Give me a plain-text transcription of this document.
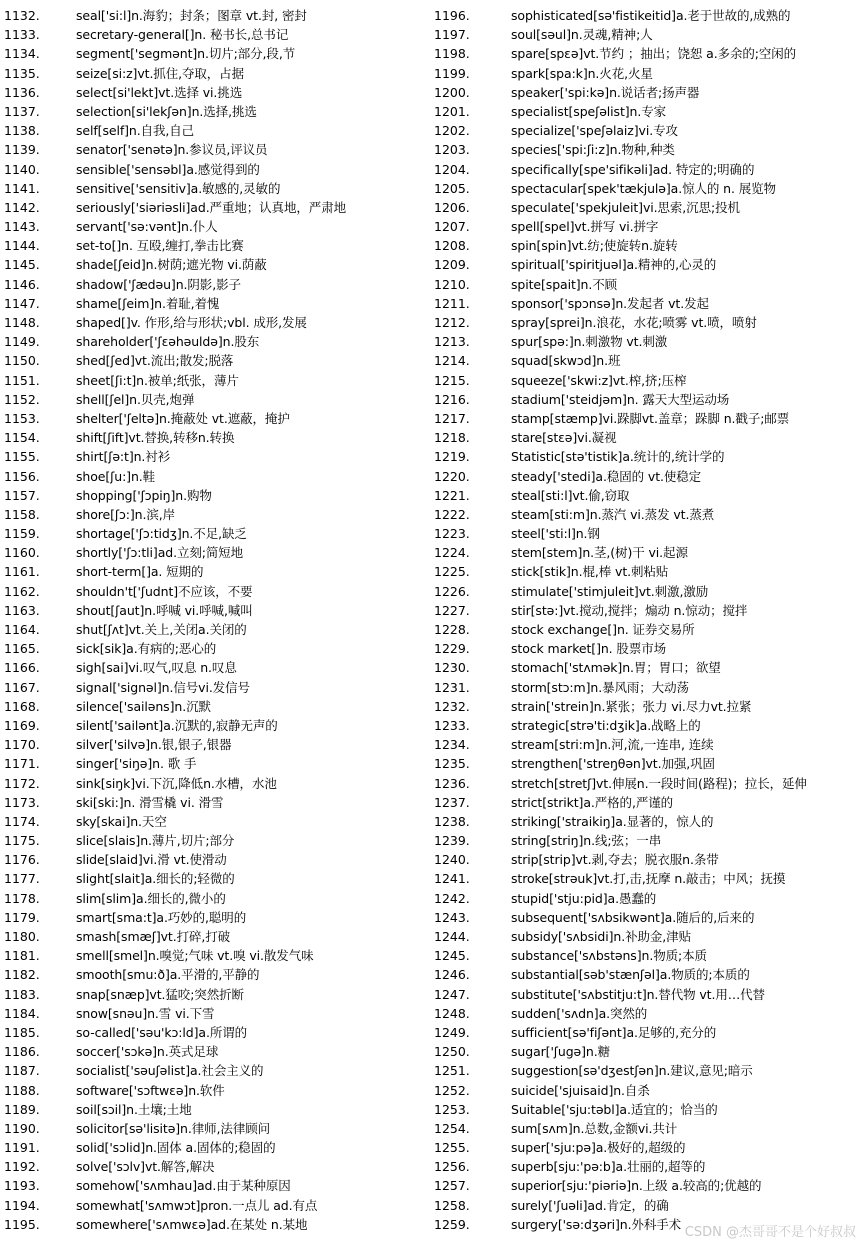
1132.	seal['si:l]n.海豹；封条；图章 vt.封, 密封
1133.	secretary-general[]n. 秘书长,总书记
1134.	segment['segmənt]n.切片;部分,段,节
1135.	seize[si:z]vt.抓住,夺取，占据
1136.	select[si'lekt]vt.选择 vi.挑选
1137.	selection[si'lekʃən]n.选择,挑选
1138.	self[self]n.自我,自己
1139.	senator['senətə]n.参议员,评议员
1140.	sensible['sensəbl]a.感觉得到的
1141.	sensitive['sensitiv]a.敏感的,灵敏的
1142.	seriously['siəriəsli]ad.严重地；认真地，严肃地
1143.	servant['sə:vənt]n.仆人
1144.	set-to[]n. 互殴,缠打,拳击比赛
1145.	shade[ʃeid]n.树荫;遮光物 vi.荫蔽
1146.	shadow['ʃædəu]n.阴影,影子
1147.	shame[ʃeim]n.着耻,着愧
1148.	shaped[]v. 作形,给与形状;vbl. 成形,发展
1149.	shareholder['ʃɛəhəuldə]n.股东
1150.	shed[ʃed]vt.流出;散发;脱落
1151.	sheet[ʃi:t]n.被单;纸张，薄片
1152.	shell[ʃel]n.贝壳,炮弹
1153.	shelter['ʃeltə]n.掩蔽处 vt.遮蔽，掩护
1154.	shift[ʃift]vt.替换,转移n.转换
1155.	shirt[ʃə:t]n.衬衫
1156.	shoe[ʃu:]n.鞋
1157.	shopping['ʃɔpiŋ]n.购物
1158.	shore[ʃɔ:]n.滨,岸
1159.	shortage['ʃɔ:tidʒ]n.不足,缺乏
1160.	shortly['ʃɔ:tli]ad.立刻;简短地
1161.	short-term[]a. 短期的
1162.	shouldn't['ʃudnt]不应该，不要
1163.	shout[ʃaut]n.呼喊 vi.呼喊,喊叫
1164.	shut[ʃʌt]vt.关上,关闭a.关闭的
1165.	sick[sik]a.有病的;恶心的
1166.	sigh[sai]vi.叹气,叹息 n.叹息
1167.	signal['signəl]n.信号vi.发信号
1168.	silence['sailəns]n.沉默
1169.	silent['sailənt]a.沉默的,寂静无声的
1170.	silver['silvə]n.银,银子,银器
1171.	singer['siŋə]n. 歌 手
1172.	sink[siŋk]vi.下沉,降低n.水槽，水池
1173.	ski[ski:]n. 滑雪橇 vi. 滑雪
1174.	sky[skai]n.天空
1175.	slice[slais]n.薄片,切片;部分
1176.	slide[slaid]vi.滑 vt.使滑动
1177.	slight[slait]a.细长的;轻微的
1178.	slim[slim]a.细长的,微小的
1179.	smart[sma:t]a.巧妙的,聪明的
1180.	smash[smæʃ]vt.打碎,打破
1181.	smell[smel]n.嗅觉;气味 vt.嗅 vi.散发气味
1182.	smooth[smu:ð]a.平滑的,平静的
1183.	snap[snæp]vt.猛咬;突然折断
1184.	snow[snəu]n.雪 vi.下雪
1185.	so-called['səu'kɔ:ld]a.所谓的
1186.	soccer['sɔkə]n.英式足球
1187.	socialist['səuʃəlist]a.社会主义的
1188.	software['sɔftwɛə]n.软件
1189.	soil[sɔil]n.土壤;土地
1190.	solicitor[sə'lisitə]n.律师,法律顾问
1191.	solid['sɔlid]n.固体 a.固体的;稳固的
1192.	solve['sɔlv]vt.解答,解决
1193.	somehow['sʌmhau]ad.由于某种原因
1194.	somewhat['sʌmwɔt]pron.一点儿 ad.有点
1195.	somewhere['sʌmwɛə]ad.在某处 n.某地
1196.	sophisticated[sə'fistikeitid]a.老于世故的,成熟的
1197.	soul[səul]n.灵魂,精神;人
1198.	spare[spɛə]vt.节约 ；抽出；饶恕 a.多余的;空闲的
1199.	spark[spa:k]n.火花,火星
1200.	speaker['spi:kə]n.说话者;扬声器
1201.	specialist[speʃəlist]n.专家
1202.	specialize['speʃəlaiz]vi.专攻
1203.	species['spi:ʃi:z]n.物种,种类
1204.	specifically[spe'sifikəli]ad. 特定的;明确的
1205.	spectacular[spek'tækjulə]a.惊人的 n. 展览物
1206.	speculate['spekjuleit]vi.思索,沉思;投机
1207.	spell[spel]vt.拼写 vi.拼字
1208.	spin[spin]vt.纺;使旋转n.旋转
1209.	spiritual['spiritjuəl]a.精神的,心灵的
1210.	spite[spait]n.不顾
1211.	sponsor['spɔnsə]n.发起者 vt.发起
1212.	spray[sprei]n.浪花，水花;喷雾 vt.喷，喷射
1213.	spur[spə:]n.刺激物 vt.刺激
1214.	squad[skwɔd]n.班
1215.	squeeze['skwi:z]vt.榨,挤;压榨
1216.	stadium['steidjəm]n. 露天大型运动场
1217.	stamp[stæmp]vi.跺脚vt.盖章；跺脚 n.戳子;邮票
1218.	stare[stɛə]vi.凝视
1219.	Statistic[stə'tistik]a.统计的,统计学的
1220.	steady['stedi]a.稳固的 vt.使稳定
1221.	steal[sti:l]vt.偷,窃取
1222.	steam[sti:m]n.蒸汽 vi.蒸发 vt.蒸煮
1223.	steel['sti:l]n.钢
1224.	stem[stem]n.茎,(树)干 vi.起源
1225.	stick[stik]n.棍,棒 vt.刺粘贴
1226.	stimulate['stimjuleit]vt.刺激,激励
1227.	stir[stə:]vt.搅动,搅拌；煽动 n.惊动；搅拌
1228.	stock exchange[]n. 证券交易所
1229.	stock market[]n. 股票市场
1230.	stomach['stʌmək]n.胃；胃口；欲望
1231.	storm[stɔ:m]n.暴风雨；大动荡
1232.	strain['strein]n.紧张；张力 vi.尽力vt.拉紧
1233.	strategic[strə'ti:dʒik]a.战略上的
1234.	stream[stri:m]n.河,流,一连串, 连续
1235.	strengthen['streŋθən]vt.加强,巩固
1236.	stretch[stretʃ]vt.伸展n.一段时间(路程)；拉长，延伸
1237.	strict[strikt]a.严格的,严谨的
1238.	striking['straikiŋ]a.显著的，惊人的
1239.	string[striŋ]n.线;弦；一串
1240.	strip[strip]vt.剥,夺去；脱衣服n.条带
1241.	stroke[strəuk]vt.打,击,抚摩 n.敲击；中风；抚摸
1242.	stupid['stju:pid]a.愚蠢的
1243.	subsequent['sʌbsikwənt]a.随后的,后来的
1244.	subsidy['sʌbsidi]n.补助金,津贴
1245.	substance['sʌbstəns]n.物质;本质
1246.	substantial[səb'stænʃəl]a.物质的;本质的
1247.	substitute['sʌbstitju:t]n.替代物 vt.用…代替
1248.	sudden['sʌdn]a.突然的
1249.	sufficient[sə'fiʃənt]a.足够的,充分的
1250.	sugar['ʃugə]n.糖
1251.	suggestion[sə'dʒestʃən]n.建议,意见;暗示
1252.	suicide['sjuisaid]n.自杀
1253.	Suitable['sju:təbl]a.适宜的；恰当的
1254.	sum[sʌm]n.总数,金额vi.共计
1255.	super['sju:pə]a.极好的,超级的
1256.	superb[sju:'pə:b]a.壮丽的,超等的
1257.	superior[sju:'piəriə]n.上级 a.较高的;优越的
1258.	surely['ʃuəli]ad.肯定，的确
1259.	surgery['sə:dʒəri]n.外科手术
CSDN @杰哥哥不是个好叔叔
